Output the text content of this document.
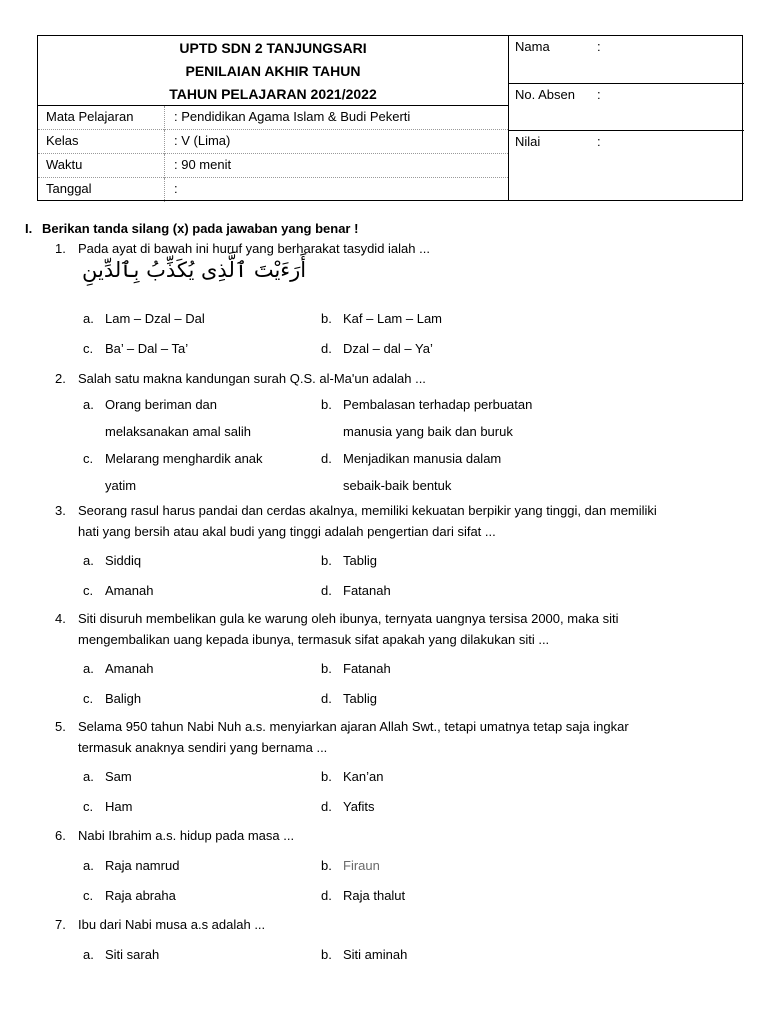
UPTD SDN 2 TANJUNGSARI
PENILAIAN AKHIR TAHUN
TAHUN PELAJARAN 2021/2022
Mata Pelajaran	: Pendidikan Agama Islam & Budi Pekerti
Kelas	: V (Lima)
Waktu	: 90 menit
Tanggal	:
Nama	:
No. Absen :
Nilai	:
I. Berikan tanda silang (x) pada jawaban yang benar !
1. Pada ayat di bawah ini huruf yang berharakat tasydid ialah ...
أَرَءَيْتَ ٱلَّذِى يُكَذِّبُ بِٱلدِّينِ
a. Lam – Dzal – Dal	b. Kaf – Lam – Lam
c. Ba’ – Dal – Ta’	d. Dzal – dal – Ya’
2. Salah satu makna kandungan surah Q.S. al-Ma'un adalah ...
a. Orang beriman dan
melaksanakan amal salih
b. Pembalasan terhadap perbuatan
manusia yang baik dan buruk
c. Melarang menghardik anak
yatim
d. Menjadikan manusia dalam
sebaik-baik bentuk
3. Seorang rasul harus pandai dan cerdas akalnya, memiliki kekuatan berpikir yang tinggi, dan memiliki
hati yang bersih atau akal budi yang tinggi adalah pengertian dari sifat ...
a. Siddiq	b. Tablig
c. Amanah	d. Fatanah
4. Siti disuruh membelikan gula ke warung oleh ibunya, ternyata uangnya tersisa 2000, maka siti
mengembalikan uang kepada ibunya, termasuk sifat apakah yang dilakukan siti ...
a. Amanah	b. Fatanah
c. Baligh	d. Tablig
5. Selama 950 tahun Nabi Nuh a.s. menyiarkan ajaran Allah Swt., tetapi umatnya tetap saja ingkar
termasuk anaknya sendiri yang bernama ...
a. Sam	b. Kan’an
c. Ham	d. Yafits
6. Nabi Ibrahim a.s. hidup pada masa ...
a. Raja namrud	b. Firaun
c. Raja abraha	d. Raja thalut
7. Ibu dari Nabi musa a.s adalah ...
a. Siti sarah	b. Siti aminah
